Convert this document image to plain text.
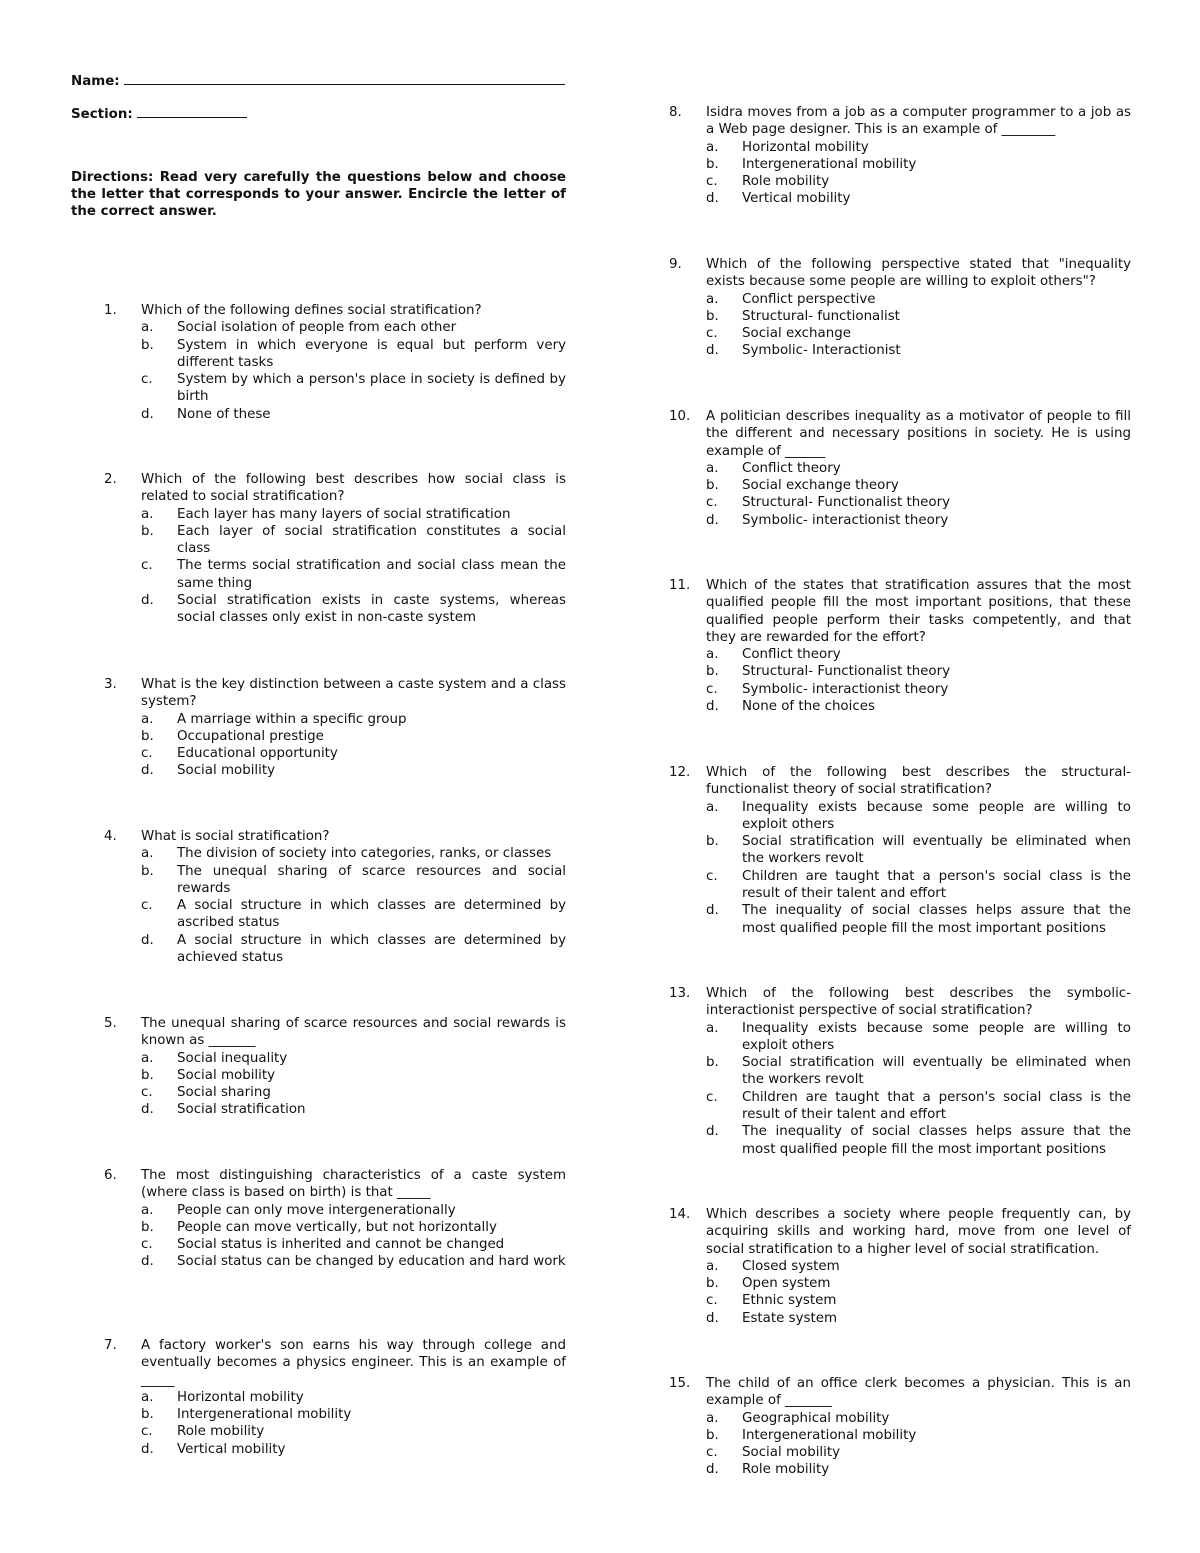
Name:
Section:
Directions: Read very carefully the questions below and choose the letter that corresponds to your answer. Encircle the letter of the correct answer.
1.	Which of the following defines social stratification?
a.	Social isolation of people from each other
b.	System in which everyone is equal but perform very different tasks
c.	System by which a person's place in society is defined by birth
d.	None of these
2.	Which of the following best describes how social class is related to social stratification?
a.	Each layer has many layers of social stratification
b.	Each layer of social stratification constitutes a social class
c.	The terms social stratification and social class mean the same thing
d.	Social stratification exists in caste systems, whereas social classes only exist in non-caste system
3.	What is the key distinction between a caste system and a class system?
a.	A marriage within a specific group
b.	Occupational prestige
c.	Educational opportunity
d.	Social mobility
4.	What is social stratification?
a.	The division of society into categories, ranks, or classes
b.	The unequal sharing of scarce resources and social rewards
c.	A social structure in which classes are determined by ascribed status
d.	A social structure in which classes are determined by achieved status
5.	The unequal sharing of scarce resources and social rewards is known as _______
a.	Social inequality
b.	Social mobility
c.	Social sharing
d.	Social stratification
6.	The most distinguishing characteristics of a caste system (where class is based on birth) is that _____
a.	People can only move intergenerationally
b.	People can move vertically, but not horizontally
c.	Social status is inherited and cannot be changed
d.	Social status can be changed by education and hard work
7.	A factory worker's son earns his way through college and eventually becomes a physics engineer. This is an example of _____
a.	Horizontal mobility
b.	Intergenerational mobility
c.	Role mobility
d.	Vertical mobility
8.	Isidra moves from a job as a computer programmer to a job as a Web page designer. This is an example of ________
a.	Horizontal mobility
b.	Intergenerational mobility
c.	Role mobility
d.	Vertical mobility
9.	Which of the following perspective stated that "inequality exists because some people are willing to exploit others"?
a.	Conflict perspective
b.	Structural- functionalist
c.	Social exchange
d.	Symbolic- Interactionist
10.	A politician describes inequality as a motivator of people to fill the different and necessary positions in society. He is using example of ______
a.	Conflict theory
b.	Social exchange theory
c.	Structural- Functionalist theory
d.	Symbolic- interactionist theory
11.	Which of the states that stratification assures that the most qualified people fill the most important positions, that these qualified people perform their tasks competently, and that they are rewarded for the effort?
a.	Conflict theory
b.	Structural- Functionalist theory
c.	Symbolic- interactionist theory
d.	None of the choices
12.	Which of the following best describes the structural-functionalist theory of social stratification?
a.	Inequality exists because some people are willing to exploit others
b.	Social stratification will eventually be eliminated when the workers revolt
c.	Children are taught that a person's social class is the result of their talent and effort
d.	The inequality of social classes helps assure that the most qualified people fill the most important positions
13.	Which of the following best describes the symbolic-interactionist perspective of social stratification?
a.	Inequality exists because some people are willing to exploit others
b.	Social stratification will eventually be eliminated when the workers revolt
c.	Children are taught that a person's social class is the result of their talent and effort
d.	The inequality of social classes helps assure that the most qualified people fill the most important positions
14.	Which describes a society where people frequently can, by acquiring skills and working hard, move from one level of social stratification to a higher level of social stratification.
a.	Closed system
b.	Open system
c.	Ethnic system
d.	Estate system
15.	The child of an office clerk becomes a physician. This is an example of _______
a.	Geographical mobility
b.	Intergenerational mobility
c.	Social mobility
d.	Role mobility
